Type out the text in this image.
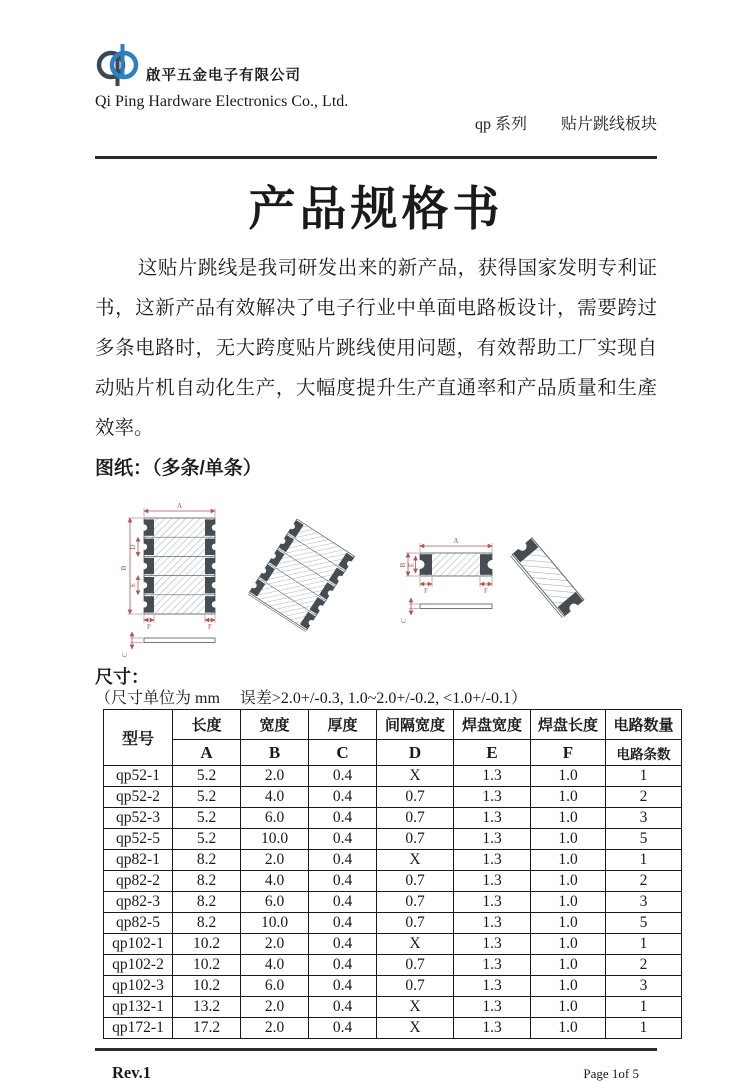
啟平五金电子有限公司
Qi Ping Hardware Electronics Co., Ltd.

qp 系列 贴片跳线板块

产品规格书

这贴片跳线是我司研发出来的新产品，获得国家发明专利证书，这新产品有效解决了电子行业中单面电路板设计，需要跨过多条电路时，无大跨度贴片跳线使用问题，有效帮助工厂实现自动贴片机自动化生产，大幅度提升生产直通率和产品质量和生產效率。

图纸：（多条/单条）
A
B
D
E
F	F
C
A
B E
F	F
C
尺寸：
（尺寸单位为 mm　 误差>2.0+/-0.3, 1.0~2.0+/-0.2, <1.0+/-0.1）
型号	长度	宽度	厚度	间隔宽度	焊盘宽度	焊盘长度	电路数量
	A	B	C	D	E	F	电路条数
qp52-1	5.2	2.0	0.4	X	1.3	1.0	1
qp52-2	5.2	4.0	0.4	0.7	1.3	1.0	2
qp52-3	5.2	6.0	0.4	0.7	1.3	1.0	3
qp52-5	5.2	10.0	0.4	0.7	1.3	1.0	5
qp82-1	8.2	2.0	0.4	X	1.3	1.0	1
qp82-2	8.2	4.0	0.4	0.7	1.3	1.0	2
qp82-3	8.2	6.0	0.4	0.7	1.3	1.0	3
qp82-5	8.2	10.0	0.4	0.7	1.3	1.0	5
qp102-1	10.2	2.0	0.4	X	1.3	1.0	1
qp102-2	10.2	4.0	0.4	0.7	1.3	1.0	2
qp102-3	10.2	6.0	0.4	0.7	1.3	1.0	3
qp132-1	13.2	2.0	0.4	X	1.3	1.0	1
qp172-1	17.2	2.0	0.4	X	1.3	1.0	1
Rev.1	Page 1of 5
